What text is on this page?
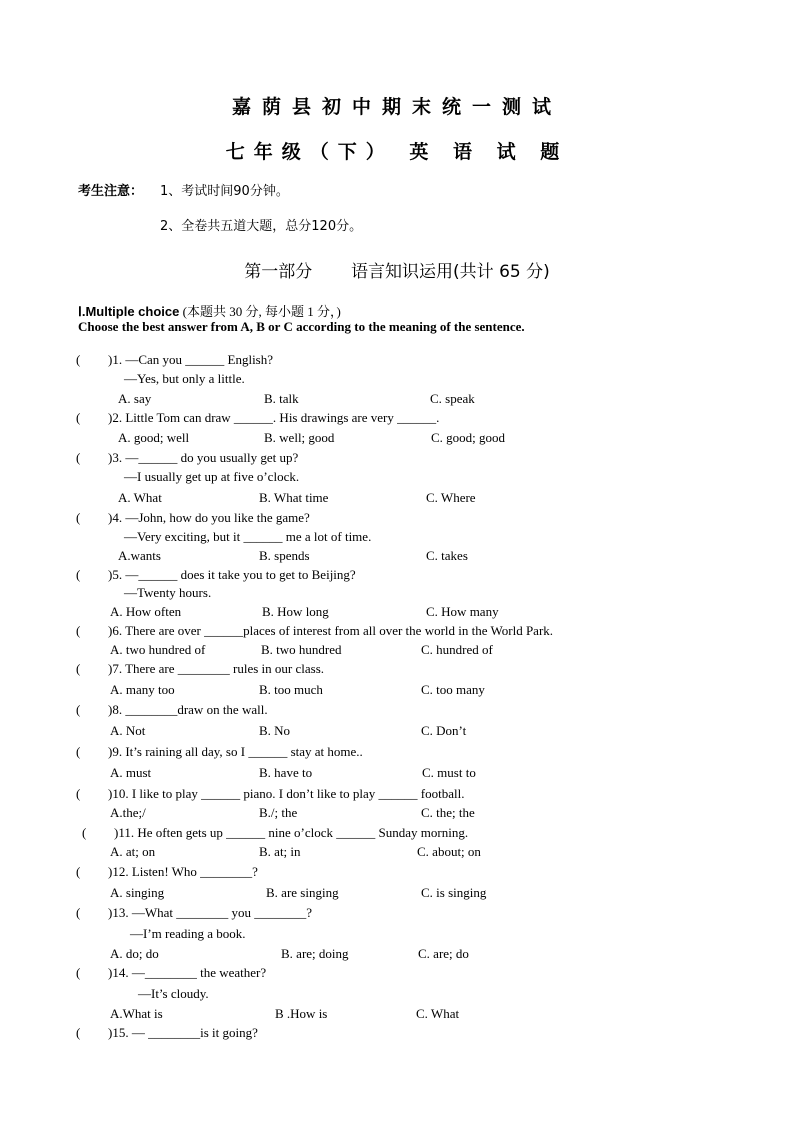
嘉荫县初中期末统一测试
七年级（下） 英 语 试 题
考生注意： 1、考试时间90分钟。
2、全卷共五道大题，总分120分。
第一部分 语言知识运用(共计 65 分)
Ⅰ.Multiple choice (本题共 30 分, 每小题 1 分，)
Choose the best answer from A, B or C according to the meaning of the sentence.
( )1. —Can you ______ English?
—Yes, but only a little.
A. say	B. talk	C. speak
( )2. Little Tom can draw ______. His drawings are very ______.
A. good; well	B. well; good	C. good; good
( )3. —______ do you usually get up?
—I usually get up at five o’clock.
A. What	B. What time	C. Where
( )4. —John, how do you like the game?
—Very exciting, but it ______ me a lot of time.
A.wants	B. spends	C. takes
( )5. —______ does it take you to get to Beijing?
—Twenty hours.
A. How often	B. How long	C. How many
( )6. There are over ______places of interest from all over the world in the World Park.
A. two hundred of	B. two hundred	C. hundred of
( )7. There are ________ rules in our class.
A. many too	B. too much	C. too many
( )8. ________draw on the wall.
A. Not	B. No	C. Don’t
( )9. It’s raining all day, so I ______ stay at home..
A. must	B. have to	C. must to
( )10. I like to play ______ piano. I don’t like to play ______ football.
A.the;/	B./; the	C. the; the
( )11. He often gets up ______ nine o’clock ______ Sunday morning.
A. at; on	B. at; in	C. about; on
( )12. Listen! Who ________?
A. singing	B. are singing	C. is singing
( )13. —What ________ you ________?
—I’m reading a book.
A. do; do	B. are; doing	C. are; do
( )14. —________ the weather?
—It’s cloudy.
A.What is	B .How is	C. What
( )15. — ________is it going?
